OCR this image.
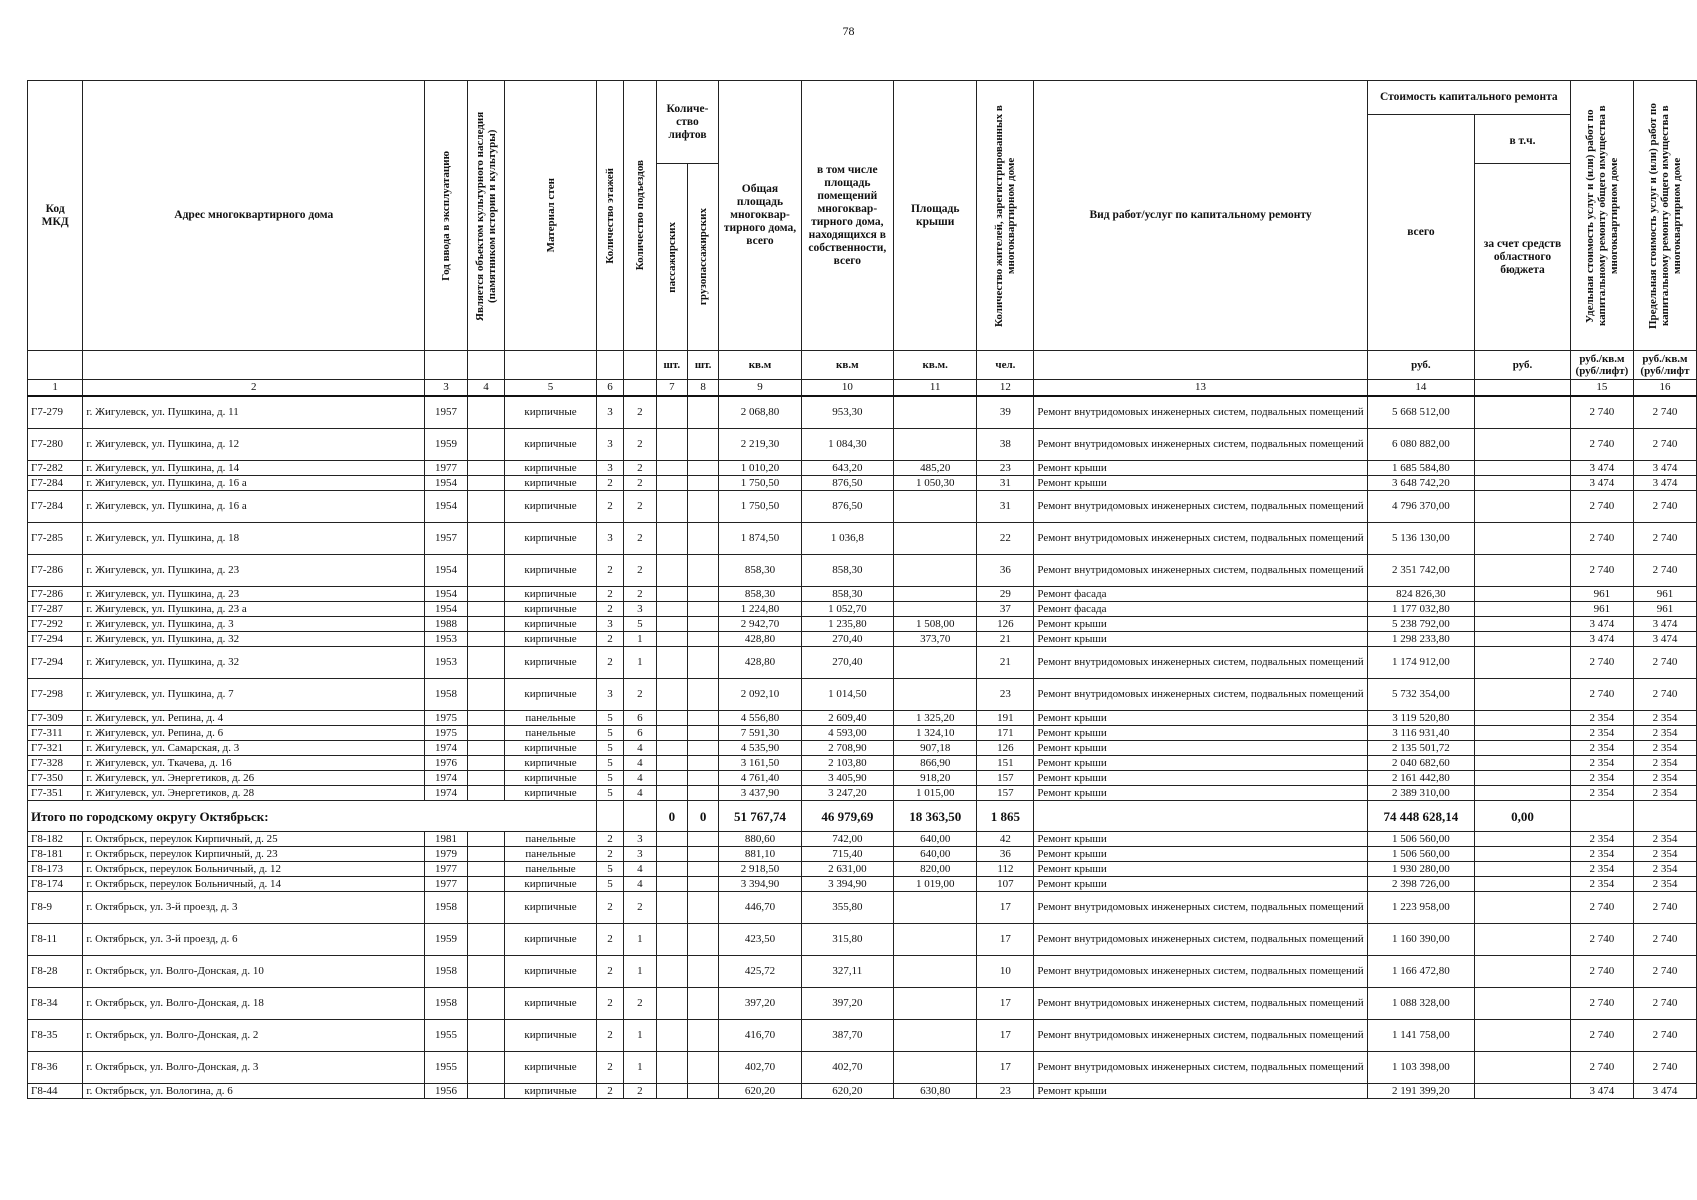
78
Код МКД	Адрес многоквартирного дома	Год ввода в эксплуатацию	Является объектом культурного наследия (памятником истории и культуры)	Материал стен	Количество этажей	Количество подъездов	Количе-ство лифтов		Общая площадь многоквар-тирного дома, всего	в том числе площадь помещений многоквар-тирного дома, находящихся в собственности, всего	Площадь крыши	Количество жителей, зарегистрированных в многоквартирном доме	Вид работ/услуг по капитальному ремонту	Стоимость капитального ремонта		Удельная стоимость услуг и (или) работ по капитальному ремонту общего имущества в многоквартирном доме	Предельная стоимость услуг и (или) работ по капитальному ремонту общего имущества в многоквартирном доме

														всего	в т.ч.		

							пассажирских	грузопассажирских							за счет средств областного бюджета		
							шт.	шт.	кв.м	кв.м	кв.м.	чел.		руб.	руб.	руб./кв.м (руб/лифт)	руб./кв.м (руб/лифт
1	2	3	4	5	6		7	8	9	10	11	12	13	14		15	16
Г7-279	г. Жигулевск, ул. Пушкина, д. 11	1957		кирпичные	3	2			2 068,80	953,30		39	Ремонт внутридомовых инженерных систем, подвальных помещений	5 668 512,00		2 740	2 740
Г7-280	г. Жигулевск, ул. Пушкина, д. 12	1959		кирпичные	3	2			2 219,30	1 084,30		38	Ремонт внутридомовых инженерных систем, подвальных помещений	6 080 882,00		2 740	2 740
Г7-282	г. Жигулевск, ул. Пушкина, д. 14	1977		кирпичные	3	2			1 010,20	643,20	485,20	23	Ремонт крыши	1 685 584,80		3 474	3 474
Г7-284	г. Жигулевск, ул. Пушкина, д. 16 а	1954		кирпичные	2	2			1 750,50	876,50	1 050,30	31	Ремонт крыши	3 648 742,20		3 474	3 474
Г7-284	г. Жигулевск, ул. Пушкина, д. 16 а	1954		кирпичные	2	2			1 750,50	876,50		31	Ремонт внутридомовых инженерных систем, подвальных помещений	4 796 370,00		2 740	2 740
Г7-285	г. Жигулевск, ул. Пушкина, д. 18	1957		кирпичные	3	2			1 874,50	1 036,8		22	Ремонт внутридомовых инженерных систем, подвальных помещений	5 136 130,00		2 740	2 740
Г7-286	г. Жигулевск, ул. Пушкина, д. 23	1954		кирпичные	2	2			858,30	858,30		36	Ремонт внутридомовых инженерных систем, подвальных помещений	2 351 742,00		2 740	2 740
Г7-286	г. Жигулевск, ул. Пушкина, д. 23	1954		кирпичные	2	2			858,30	858,30		29	Ремонт фасада	824 826,30		961	961
Г7-287	г. Жигулевск, ул. Пушкина, д. 23 а	1954		кирпичные	2	3			1 224,80	1 052,70		37	Ремонт фасада	1 177 032,80		961	961
Г7-292	г. Жигулевск, ул. Пушкина, д. 3	1988		кирпичные	3	5			2 942,70	1 235,80	1 508,00	126	Ремонт крыши	5 238 792,00		3 474	3 474
Г7-294	г. Жигулевск, ул. Пушкина, д. 32	1953		кирпичные	2	1			428,80	270,40	373,70	21	Ремонт крыши	1 298 233,80		3 474	3 474
Г7-294	г. Жигулевск, ул. Пушкина, д. 32	1953		кирпичные	2	1			428,80	270,40		21	Ремонт внутридомовых инженерных систем, подвальных помещений	1 174 912,00		2 740	2 740
Г7-298	г. Жигулевск, ул. Пушкина, д. 7	1958		кирпичные	3	2			2 092,10	1 014,50		23	Ремонт внутридомовых инженерных систем, подвальных помещений	5 732 354,00		2 740	2 740
Г7-309	г. Жигулевск, ул. Репина, д. 4	1975		панельные	5	6			4 556,80	2 609,40	1 325,20	191	Ремонт крыши	3 119 520,80		2 354	2 354
Г7-311	г. Жигулевск, ул. Репина, д. 6	1975		панельные	5	6			7 591,30	4 593,00	1 324,10	171	Ремонт крыши	3 116 931,40		2 354	2 354
Г7-321	г. Жигулевск, ул. Самарская, д. 3	1974		кирпичные	5	4			4 535,90	2 708,90	907,18	126	Ремонт крыши	2 135 501,72		2 354	2 354
Г7-328	г. Жигулевск, ул. Ткачева, д. 16	1976		кирпичные	5	4			3 161,50	2 103,80	866,90	151	Ремонт крыши	2 040 682,60		2 354	2 354
Г7-350	г. Жигулевск, ул. Энергетиков, д. 26	1974		кирпичные	5	4			4 761,40	3 405,90	918,20	157	Ремонт крыши	2 161 442,80		2 354	2 354
Г7-351	г. Жигулевск, ул. Энергетиков, д. 28	1974		кирпичные	5	4			3 437,90	3 247,20	1 015,00	157	Ремонт крыши	2 389 310,00		2 354	2 354
Итого по городскому округу Октябрьск:							0	0	51 767,74	46 979,69	18 363,50	1 865		74 448 628,14	0,00		
Г8-182	г. Октябрьск, переулок Кирпичный, д. 25	1981		панельные	2	3			880,60	742,00	640,00	42	Ремонт крыши	1 506 560,00		2 354	2 354
Г8-181	г. Октябрьск, переулок Кирпичный, д. 23	1979		панельные	2	3			881,10	715,40	640,00	36	Ремонт крыши	1 506 560,00		2 354	2 354
Г8-173	г. Октябрьск, переулок Больничный, д. 12	1977		панельные	5	4			2 918,50	2 631,00	820,00	112	Ремонт крыши	1 930 280,00		2 354	2 354
Г8-174	г. Октябрьск, переулок Больничный, д. 14	1977		кирпичные	5	4			3 394,90	3 394,90	1 019,00	107	Ремонт крыши	2 398 726,00		2 354	2 354
Г8-9	г. Октябрьск, ул. 3-й проезд, д. 3	1958		кирпичные	2	2			446,70	355,80		17	Ремонт внутридомовых инженерных систем, подвальных помещений	1 223 958,00		2 740	2 740
Г8-11	г. Октябрьск, ул. 3-й проезд, д. 6	1959		кирпичные	2	1			423,50	315,80		17	Ремонт внутридомовых инженерных систем, подвальных помещений	1 160 390,00		2 740	2 740
Г8-28	г. Октябрьск, ул. Волго-Донская, д. 10	1958		кирпичные	2	1			425,72	327,11		10	Ремонт внутридомовых инженерных систем, подвальных помещений	1 166 472,80		2 740	2 740
Г8-34	г. Октябрьск, ул. Волго-Донская, д. 18	1958		кирпичные	2	2			397,20	397,20		17	Ремонт внутридомовых инженерных систем, подвальных помещений	1 088 328,00		2 740	2 740
Г8-35	г. Октябрьск, ул. Волго-Донская, д. 2	1955		кирпичные	2	1			416,70	387,70		17	Ремонт внутридомовых инженерных систем, подвальных помещений	1 141 758,00		2 740	2 740
Г8-36	г. Октябрьск, ул. Волго-Донская, д. 3	1955		кирпичные	2	1			402,70	402,70		17	Ремонт внутридомовых инженерных систем, подвальных помещений	1 103 398,00		2 740	2 740
Г8-44	г. Октябрьск, ул. Вологина, д. 6	1956		кирпичные	2	2			620,20	620,20	630,80	23	Ремонт крыши	2 191 399,20		3 474	3 474
